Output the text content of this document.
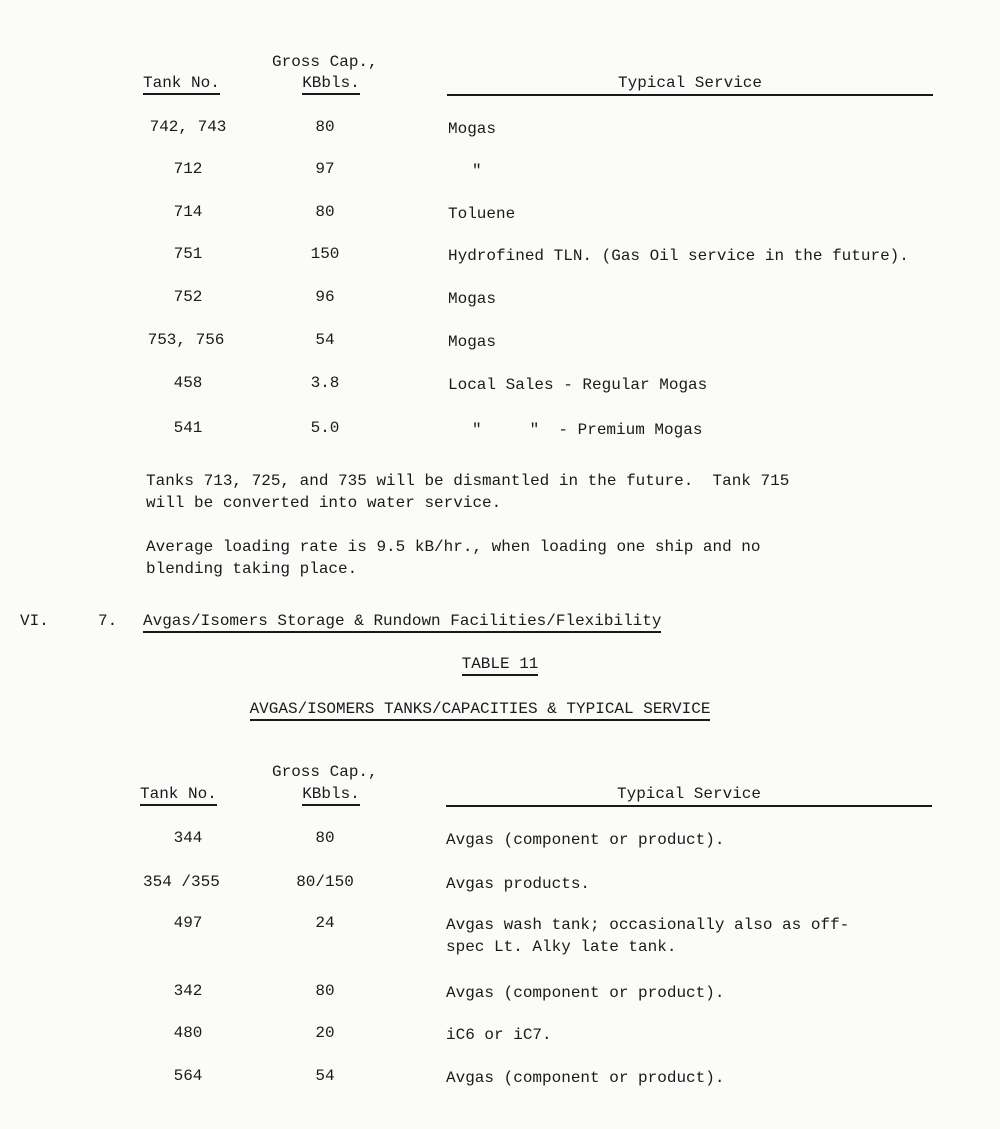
Gross Cap.,
Tank No.	KBbls.	Typical Service
742, 743	80	Mogas
712	97	"
714	80	Toluene
751	150	Hydrofined TLN. (Gas Oil service in the future).
752	96	Mogas
753, 756	54	Mogas
458	3.8	Local Sales - Regular Mogas
541	5.0	"     "  - Premium Mogas
Tanks 713, 725, and 735 will be dismantled in the future.  Tank 715
will be converted into water service.
Average loading rate is 9.5 kB/hr., when loading one ship and no
blending taking place.
VI.	7. Avgas/Isomers Storage & Rundown Facilities/Flexibility
TABLE 11
AVGAS/ISOMERS TANKS/CAPACITIES & TYPICAL SERVICE
Gross Cap.,
Tank No.	KBbls.	Typical Service
344	80	Avgas (component or product).
354 /355	80/150	Avgas products.
497	24	Avgas wash tank; occasionally also as off-
spec Lt. Alky late tank.
342	80	Avgas (component or product).
480	20	iC6 or iC7.
564	54	Avgas (component or product).
